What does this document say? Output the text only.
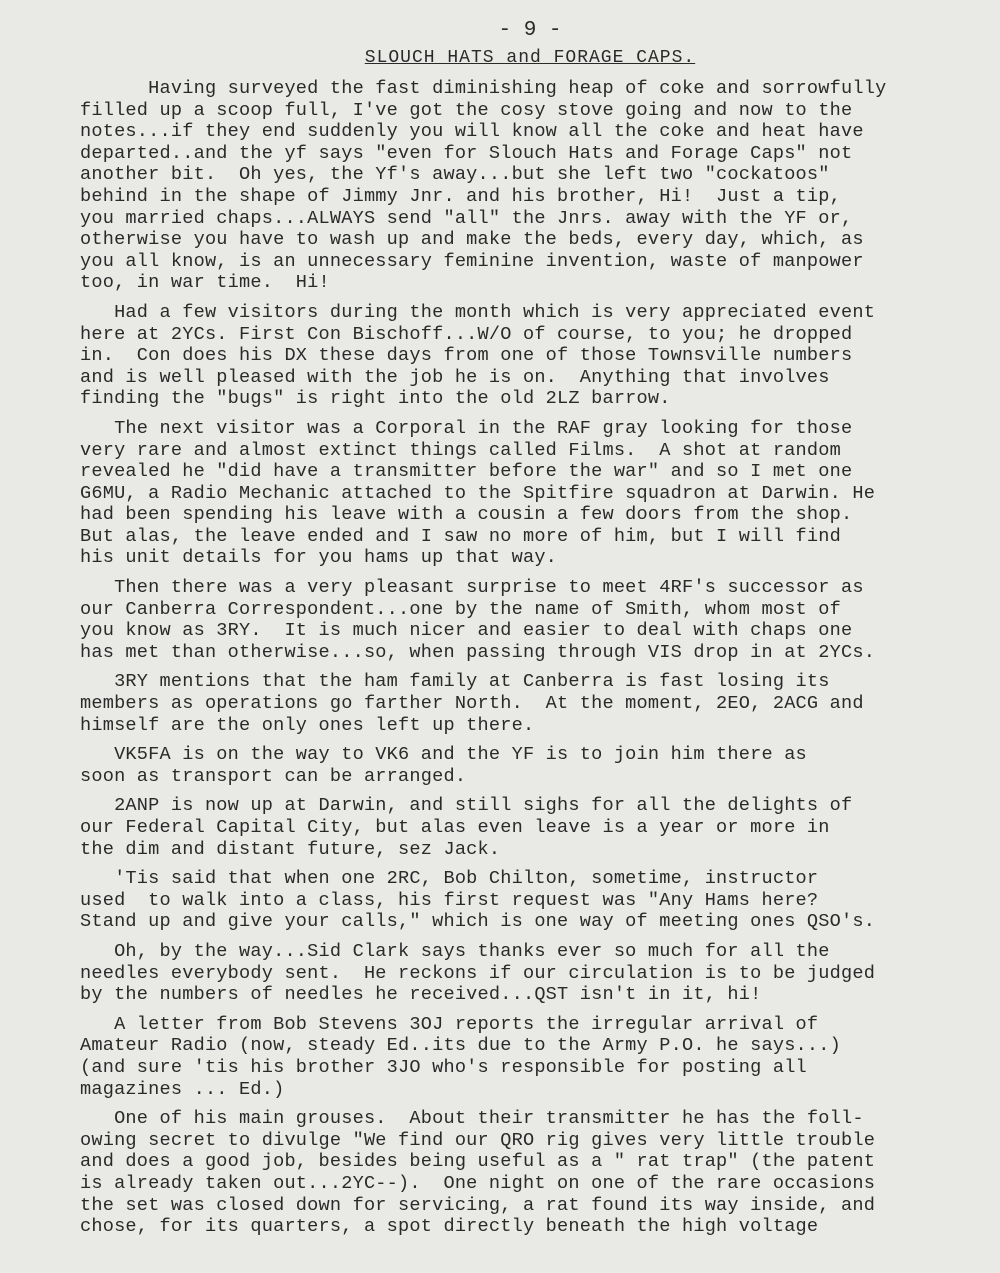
- 9 -
SLOUCH HATS and FORAGE CAPS.
Having surveyed the fast diminishing heap of coke and sorrowfully
filled up a scoop full, I've got the cosy stove going and now to the
notes...if they end suddenly you will know all the coke and heat have
departed..and the yf says "even for Slouch Hats and Forage Caps" not
another bit.  Oh yes, the Yf's away...but she left two "cockatoos"
behind in the shape of Jimmy Jnr. and his brother, Hi!  Just a tip,
you married chaps...ALWAYS send "all" the Jnrs. away with the YF or,
otherwise you have to wash up and make the beds, every day, which, as
you all know, is an unnecessary feminine invention, waste of manpower
too, in war time.  Hi!
Had a few visitors during the month which is very appreciated event
here at 2YCs. First Con Bischoff...W/O of course, to you; he dropped
in.  Con does his DX these days from one of those Townsville numbers
and is well pleased with the job he is on.  Anything that involves
finding the "bugs" is right into the old 2LZ barrow.
The next visitor was a Corporal in the RAF gray looking for those
very rare and almost extinct things called Films.  A shot at random
revealed he "did have a transmitter before the war" and so I met one
G6MU, a Radio Mechanic attached to the Spitfire squadron at Darwin. He
had been spending his leave with a cousin a few doors from the shop.
But alas, the leave ended and I saw no more of him, but I will find
his unit details for you hams up that way.
Then there was a very pleasant surprise to meet 4RF's successor as
our Canberra Correspondent...one by the name of Smith, whom most of
you know as 3RY.  It is much nicer and easier to deal with chaps one
has met than otherwise...so, when passing through VIS drop in at 2YCs.
3RY mentions that the ham family at Canberra is fast losing its
members as operations go farther North.  At the moment, 2EO, 2ACG and
himself are the only ones left up there.
VK5FA is on the way to VK6 and the YF is to join him there as
soon as transport can be arranged.
2ANP is now up at Darwin, and still sighs for all the delights of
our Federal Capital City, but alas even leave is a year or more in
the dim and distant future, sez Jack.
'Tis said that when one 2RC, Bob Chilton, sometime, instructor
used  to walk into a class, his first request was "Any Hams here?
Stand up and give your calls," which is one way of meeting ones QSO's.
Oh, by the way...Sid Clark says thanks ever so much for all the
needles everybody sent.  He reckons if our circulation is to be judged
by the numbers of needles he received...QST isn't in it, hi!
A letter from Bob Stevens 3OJ reports the irregular arrival of
Amateur Radio (now, steady Ed..its due to the Army P.O. he says...)
(and sure 'tis his brother 3JO who's responsible for posting all
magazines ... Ed.)
One of his main grouses.  About their transmitter he has the foll-
owing secret to divulge "We find our QRO rig gives very little trouble
and does a good job, besides being useful as a " rat trap" (the patent
is already taken out...2YC--).  One night on one of the rare occasions
the set was closed down for servicing, a rat found its way inside, and
chose, for its quarters, a spot directly beneath the high voltage
